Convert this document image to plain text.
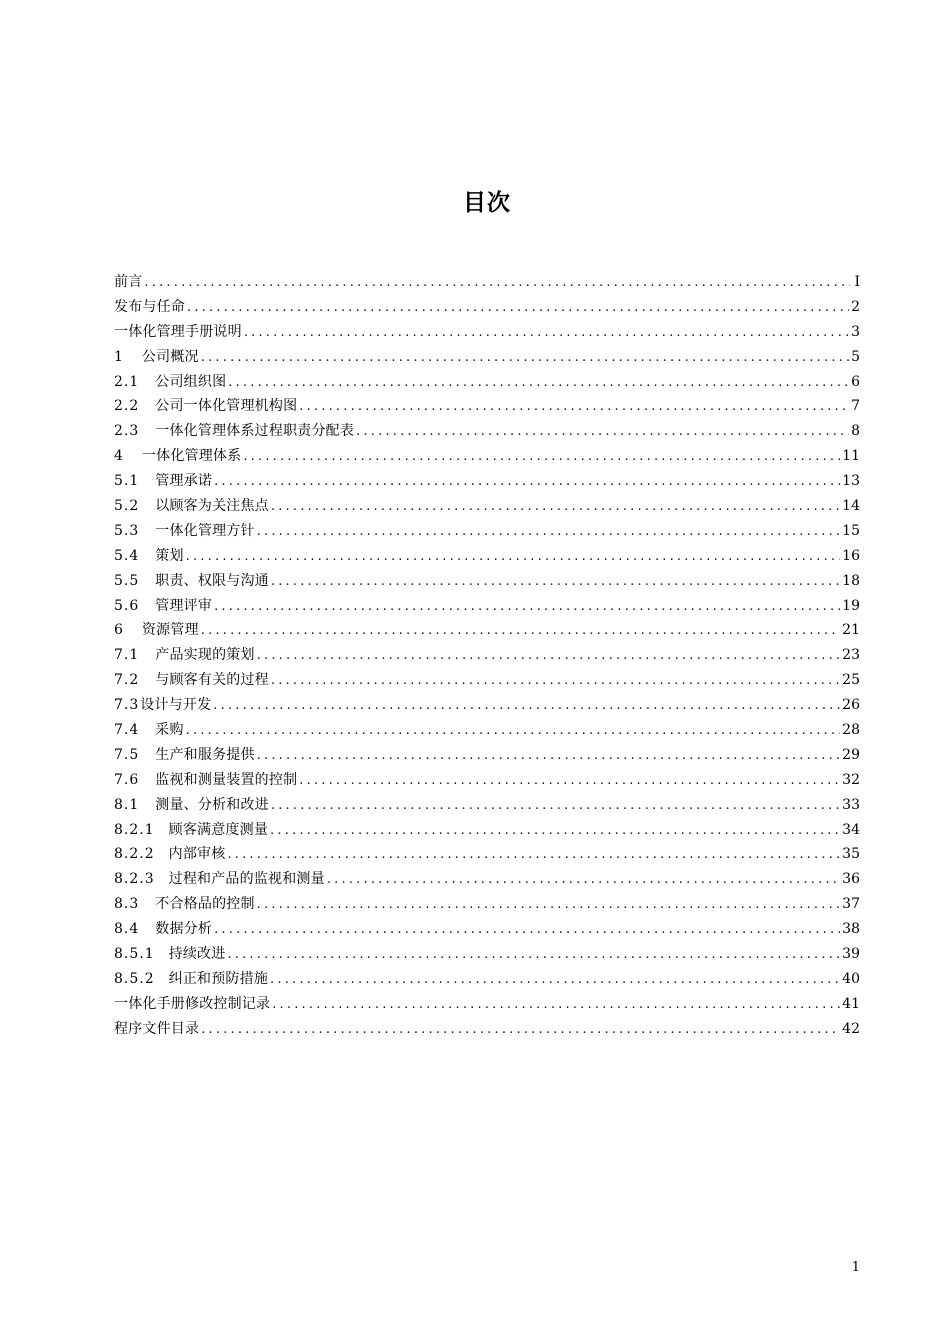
目次
前言 .....	I
发布与任命 .....	2
一体化管理手册说明 .....	3
1 公司概况 .....	5
2.1 公司组织图 .....	6
2.2 公司一体化管理机构图 .....	7
2.3 一体化管理体系过程职责分配表 .....	8
4 一体化管理体系 .....	11
5.1 管理承诺 .....	13
5.2 以顾客为关注焦点 .....	14
5.3 一体化管理方针 .....	15
5.4 策划 .....	16
5.5 职责、权限与沟通 .....	18
5.6 管理评审 .....	19
6 资源管理 .....	21
7.1 产品实现的策划 .....	23
7.2 与顾客有关的过程 .....	25
7.3 设计与开发 .....	26
7.4 采购 .....	28
7.5 生产和服务提供 .....	29
7.6 监视和测量装置的控制 .....	32
8.1 测量、分析和改进 .....	33
8.2.1 顾客满意度测量 .....	34
8.2.2 内部审核 .....	35
8.2.3 过程和产品的监视和测量 .....	36
8.3 不合格品的控制 .....	37
8.4 数据分析 .....	38
8.5.1 持续改进 .....	39
8.5.2 纠正和预防措施 .....	40
一体化手册修改控制记录 .....	41
程序文件目录 .....	42
1
